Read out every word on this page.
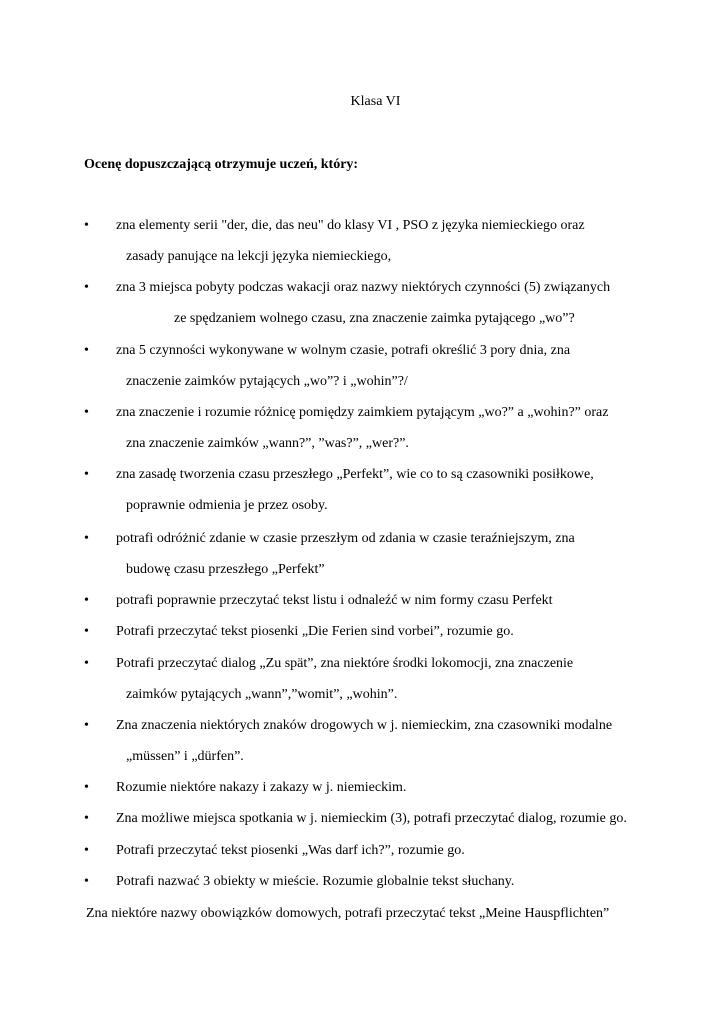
Klasa VI
Ocenę dopuszczającą otrzymuje uczeń, który:
•	zna elementy serii "der, die, das neu" do klasy VI , PSO z języka niemieckiego oraz
zasady panujące na lekcji języka niemieckiego,
•	zna 3 miejsca pobyty podczas wakacji oraz nazwy niektórych czynności (5) związanych
ze spędzaniem wolnego czasu, zna znaczenie zaimka pytającego „wo”?
•	zna 5 czynności wykonywane w wolnym czasie, potrafi określić 3 pory dnia, zna
znaczenie zaimków pytających „wo”? i „wohin”?/
•	zna znaczenie i rozumie różnicę pomiędzy zaimkiem pytającym „wo?” a „wohin?” oraz
zna znaczenie zaimków „wann?”, ”was?”, „wer?”.
•	zna zasadę tworzenia czasu przeszłego „Perfekt”, wie co to są czasowniki posiłkowe,
poprawnie odmienia je przez osoby.
•	potrafi odróżnić zdanie w czasie przeszłym od zdania w czasie teraźniejszym, zna
budowę czasu przeszłego „Perfekt”
•	potrafi poprawnie przeczytać tekst listu i odnaleźć w nim formy czasu Perfekt
•	Potrafi przeczytać tekst piosenki „Die Ferien sind vorbei”, rozumie go.
•	Potrafi przeczytać dialog „Zu spät”, zna niektóre środki lokomocji, zna znaczenie
zaimków pytających „wann”,”womit”, „wohin”.
•	Zna znaczenia niektórych znaków drogowych w j. niemieckim, zna czasowniki modalne
„müssen” i „dürfen”.
•	Rozumie niektóre nakazy i zakazy w j. niemieckim.
•	Zna możliwe miejsca spotkania w j. niemieckim (3), potrafi przeczytać dialog, rozumie go.
•	Potrafi przeczytać tekst piosenki „Was darf ich?”, rozumie go.
•	Potrafi nazwać 3 obiekty w mieście. Rozumie globalnie tekst słuchany.
Zna niektóre nazwy obowiązków domowych, potrafi przeczytać tekst „Meine Hauspflichten”
